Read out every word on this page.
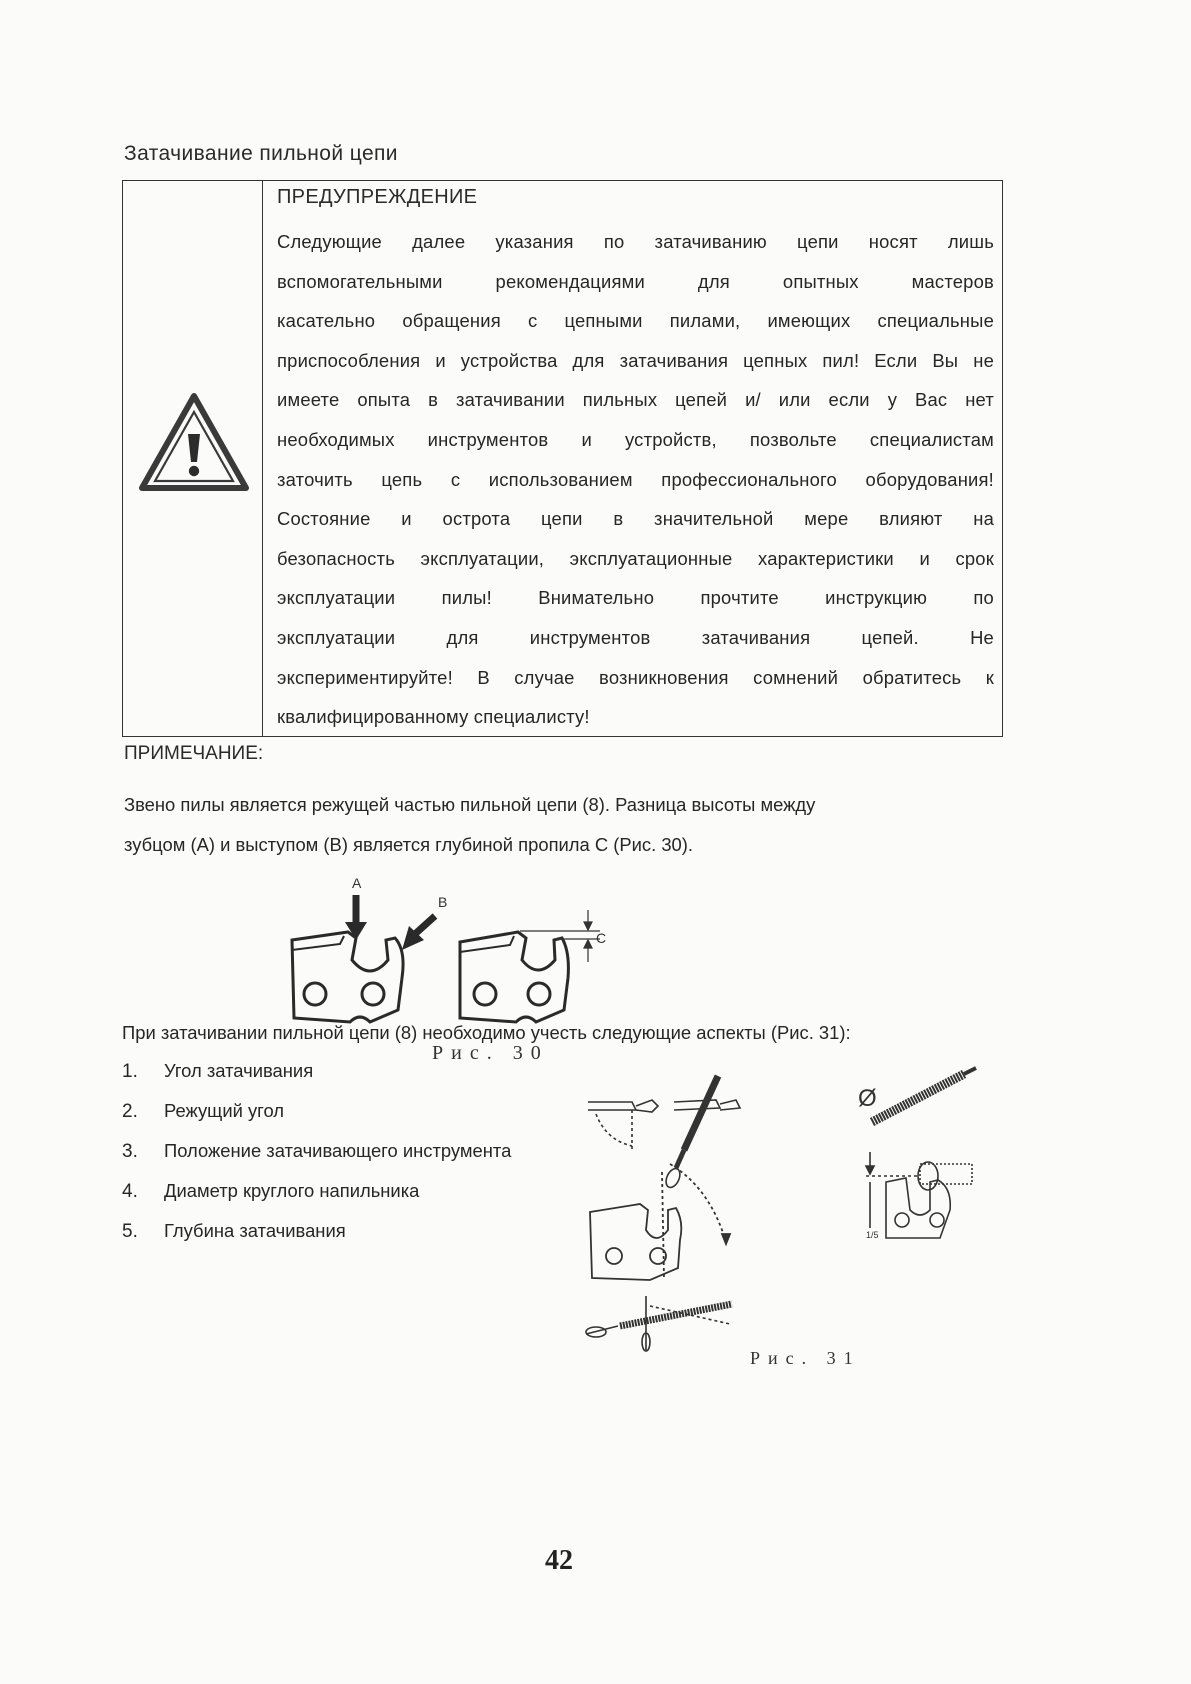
Затачивание пильной цепи
ПРЕДУПРЕЖДЕНИЕ
Следующие далее указания по затачиванию цепи носят лишь
вспомогательными рекомендациями для опытных мастеров
касательно обращения с цепными пилами, имеющих специальные
приспособления и устройства для затачивания цепных пил! Если Вы не
имеете опыта в затачивании пильных цепей и/ или если у Вас нет
необходимых инструментов и устройств, позвольте специалистам
заточить цепь с использованием профессионального оборудования!
Состояние и острота цепи в значительной мере влияют на
безопасность эксплуатации, эксплуатационные характеристики и срок
эксплуатации пилы! Внимательно прочтите инструкцию по
эксплуатации для инструментов затачивания цепей. Не
экспериментируйте! В случае возникновения сомнений обратитесь к
квалифицированному специалисту!
ПРИМЕЧАНИЕ:
Звено пилы является режущей частью пильной цепи (8). Разница высоты между
зубцом (A) и выступом (B) является глубиной пропила C (Рис. 30).
A
B
C
При затачивании пильной цепи (8) необходимо учесть следующие аспекты (Рис. 31):
Рис. 30
1.	Угол затачивания
2.	Режущий угол
3.	Положение затачивающего инструмента
4.	Диаметр круглого напильника
5.	Глубина затачивания
Ø
1/5
Рис. 31
42
